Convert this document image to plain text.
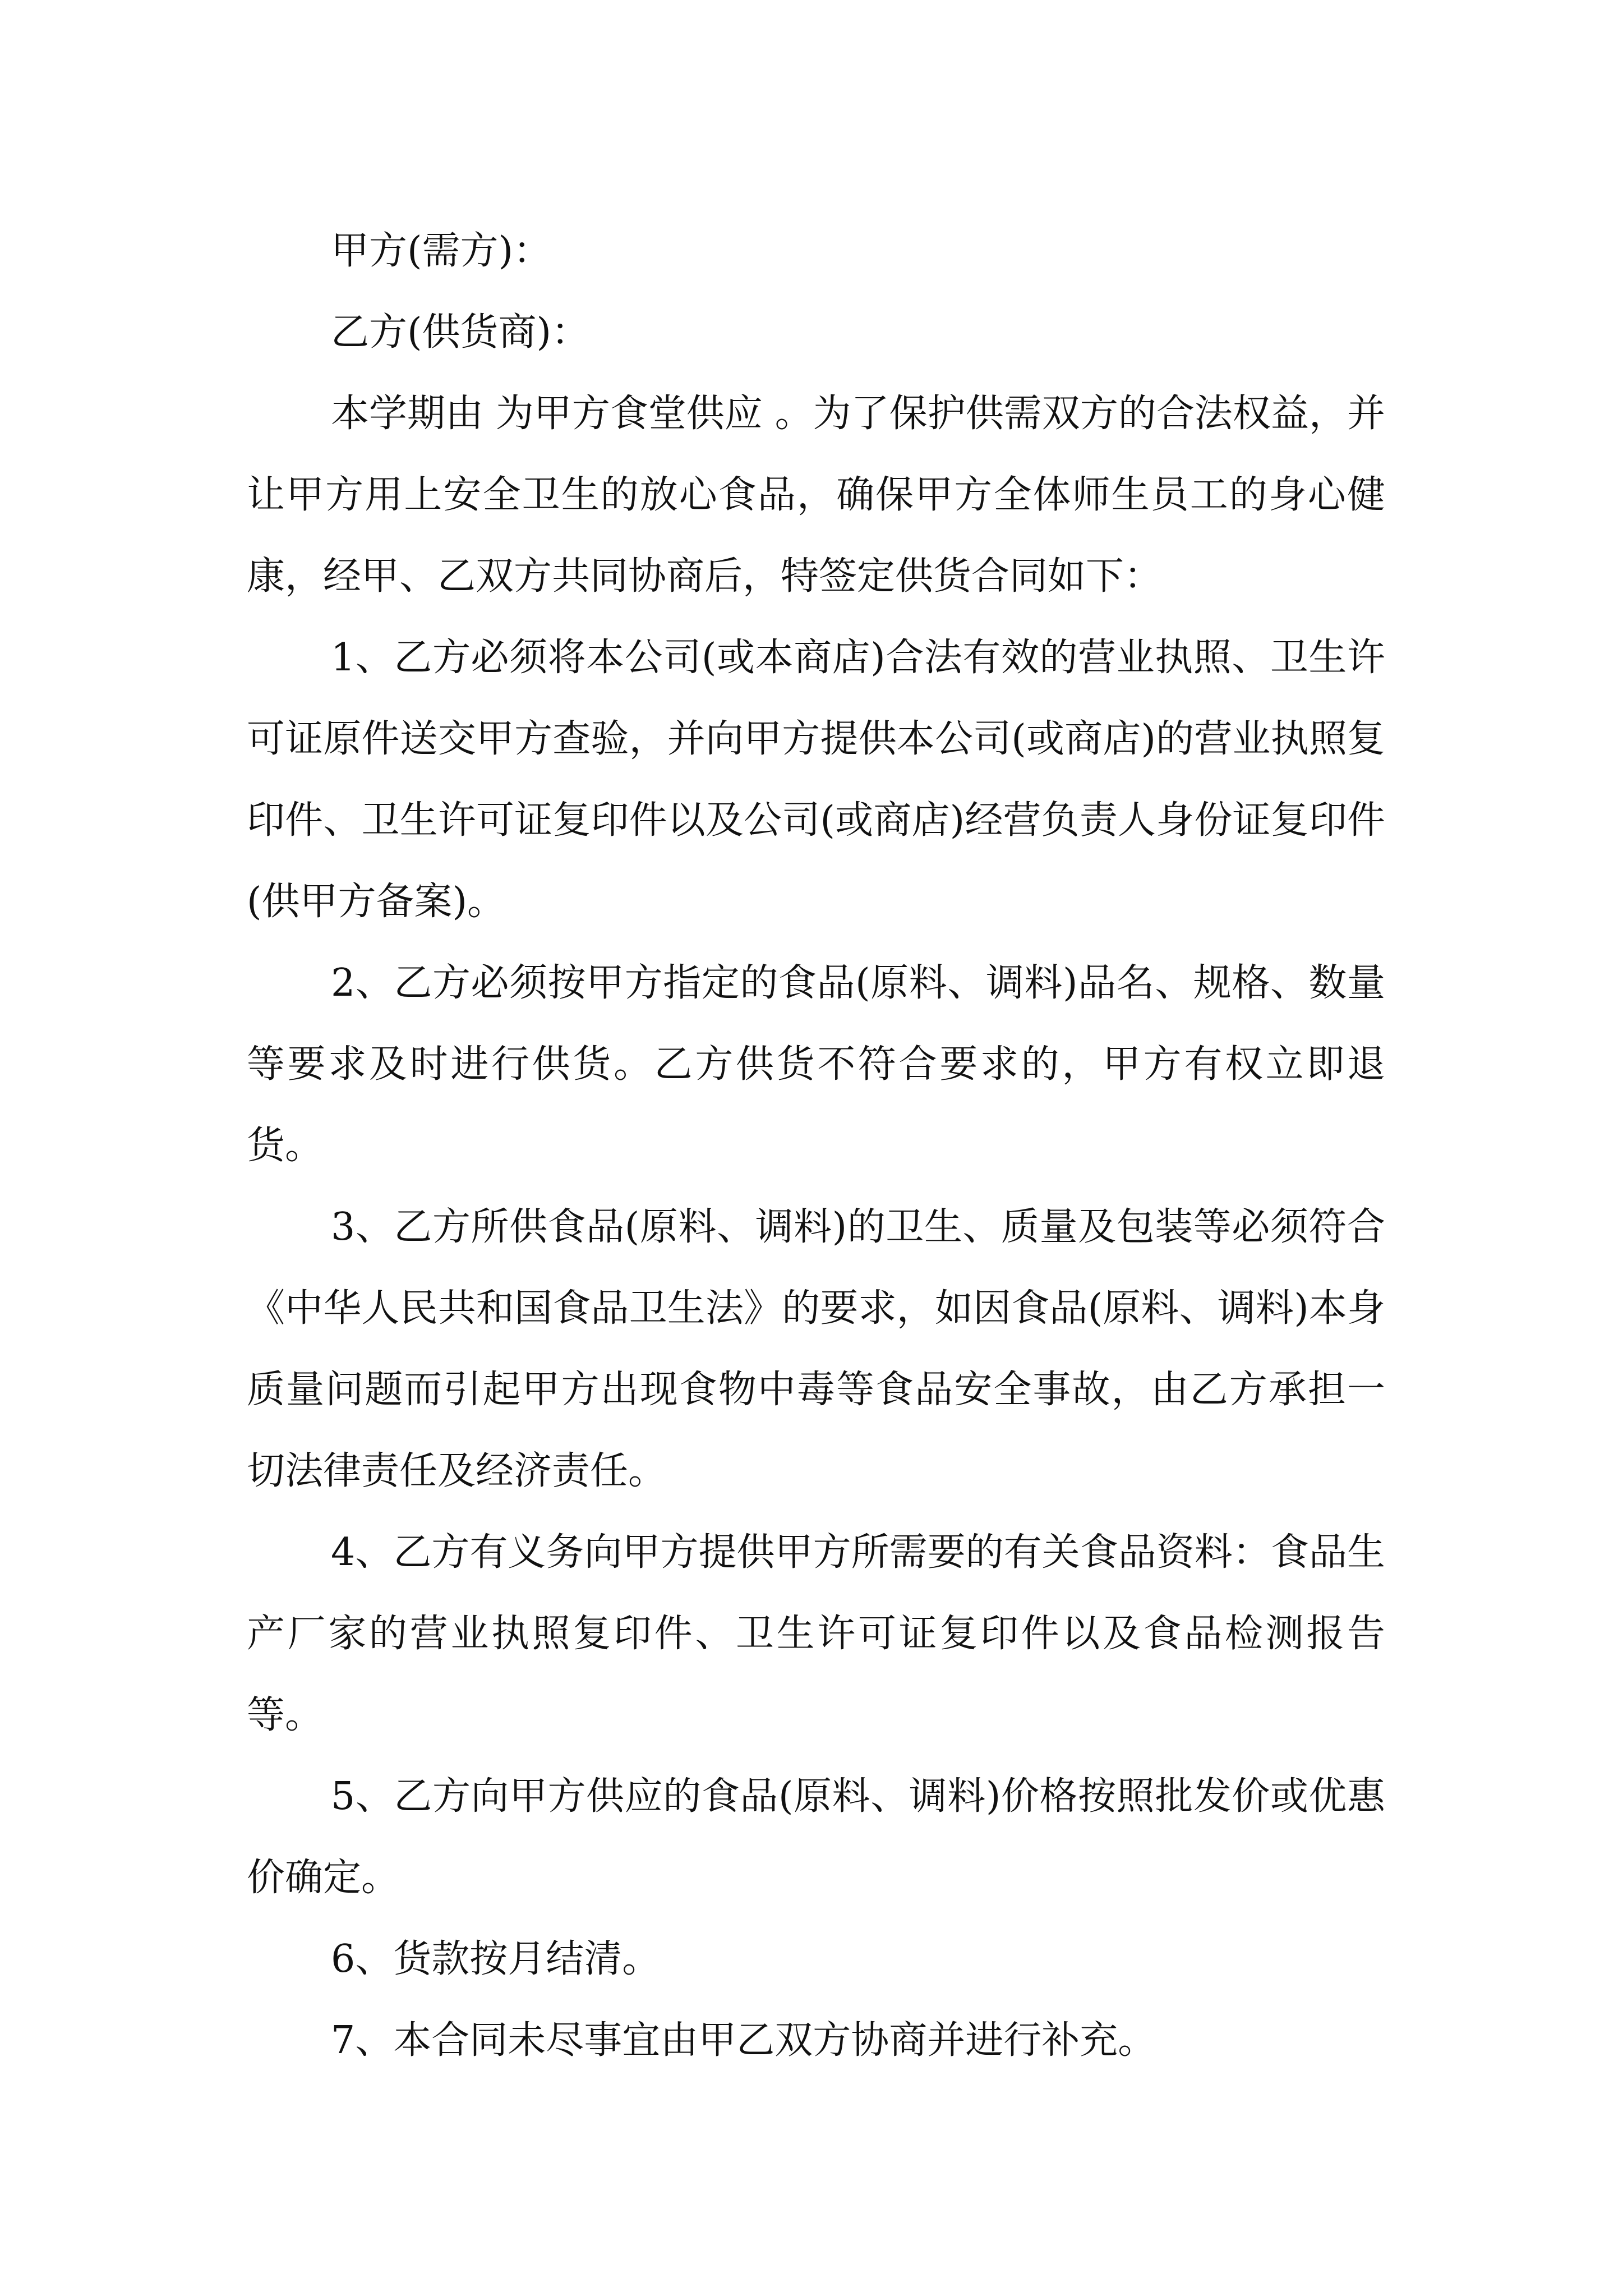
甲方(需方)：
乙方(供货商)：

本学期由 为甲方食堂供应 。为了保护供需双方的合法权益，并让甲方用上安全卫生的放心食品，确保甲方全体师生员工的身心健康，经甲、乙双方共同协商后，特签定供货合同如下：

1、乙方必须将本公司(或本商店)合法有效的营业执照、卫生许可证原件送交甲方查验，并向甲方提供本公司(或商店)的营业执照复印件、卫生许可证复印件以及公司(或商店)经营负责人身份证复印件(供甲方备案)。

2、乙方必须按甲方指定的食品(原料、调料)品名、规格、数量等要求及时进行供货。乙方供货不符合要求的，甲方有权立即退货。

3、乙方所供食品(原料、调料)的卫生、质量及包装等必须符合《中华人民共和国食品卫生法》的要求，如因食品(原料、调料)本身质量问题而引起甲方出现食物中毒等食品安全事故，由乙方承担一切法律责任及经济责任。

4、乙方有义务向甲方提供甲方所需要的有关食品资料：食品生产厂家的营业执照复印件、卫生许可证复印件以及食品检测报告等。

5、乙方向甲方供应的食品(原料、调料)价格按照批发价或优惠价确定。

6、货款按月结清。

7、本合同未尽事宜由甲乙双方协商并进行补充。
